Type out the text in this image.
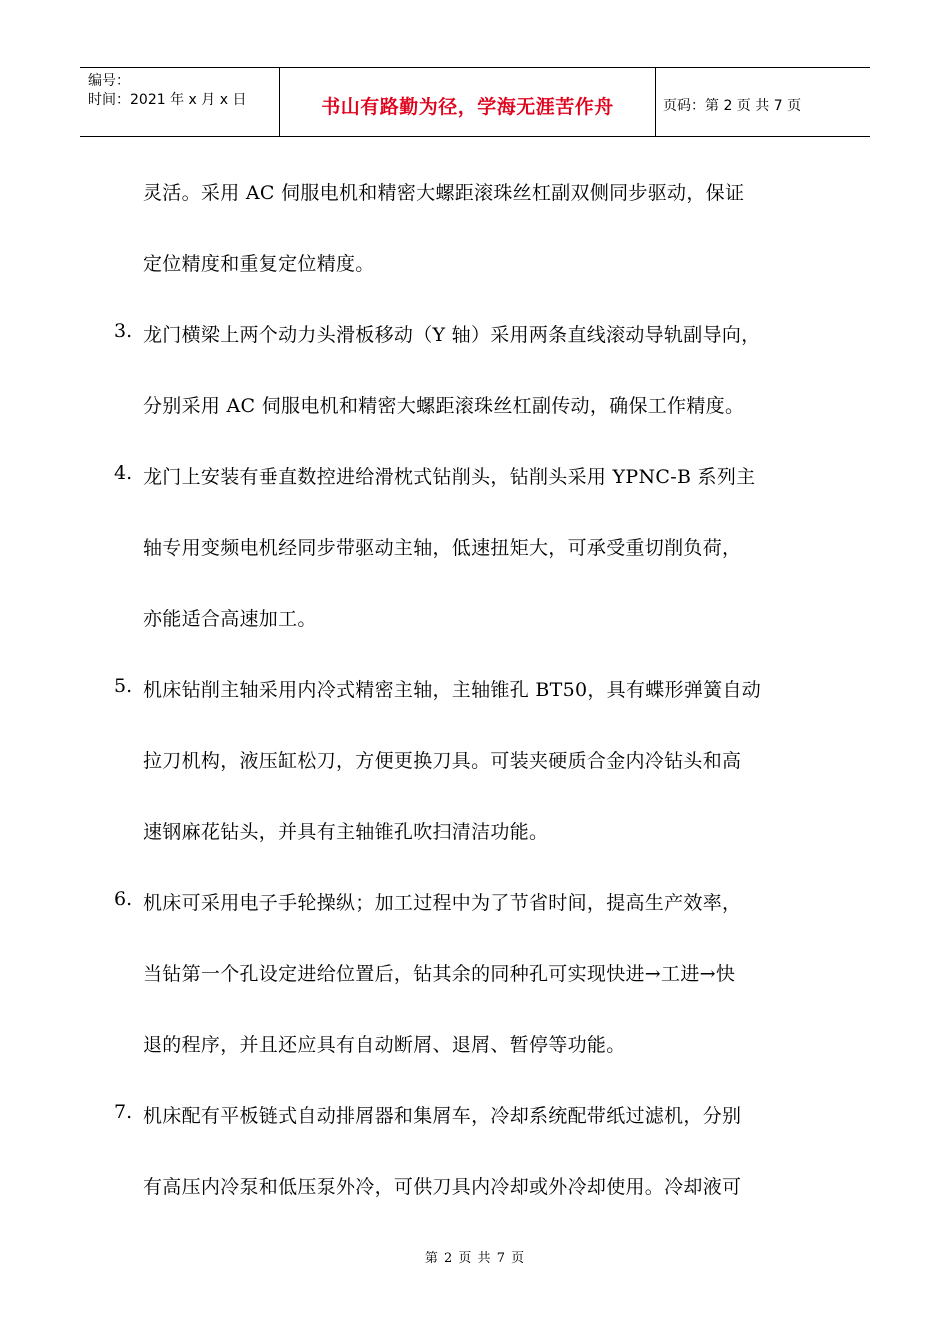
编号：
时间：2021 年 x 月 x 日	书山有路勤为径，学海无涯苦作舟	页码：第 2 页 共 7 页
灵活。采用 AC 伺服电机和精密大螺距滚珠丝杠副双侧同步驱动，保证
定位精度和重复定位精度。
3. 龙门横梁上两个动力头滑板移动（Y 轴）采用两条直线滚动导轨副导向，
分别采用 AC 伺服电机和精密大螺距滚珠丝杠副传动，确保工作精度。
4. 龙门上安装有垂直数控进给滑枕式钻削头，钻削头采用 YPNC-B 系列主
轴专用变频电机经同步带驱动主轴，低速扭矩大，可承受重切削负荷，
亦能适合高速加工。
5. 机床钻削主轴采用内冷式精密主轴，主轴锥孔 BT50，具有蝶形弹簧自动
拉刀机构，液压缸松刀，方便更换刀具。可装夹硬质合金内冷钻头和高
速钢麻花钻头，并具有主轴锥孔吹扫清洁功能。
6. 机床可采用电子手轮操纵；加工过程中为了节省时间，提高生产效率，
当钻第一个孔设定进给位置后，钻其余的同种孔可实现快进→工进→快
退的程序，并且还应具有自动断屑、退屑、暂停等功能。
7. 机床配有平板链式自动排屑器和集屑车，冷却系统配带纸过滤机，分别
有高压内冷泵和低压泵外冷，可供刀具内冷却或外冷却使用。冷却液可
第 2 页 共 7 页
